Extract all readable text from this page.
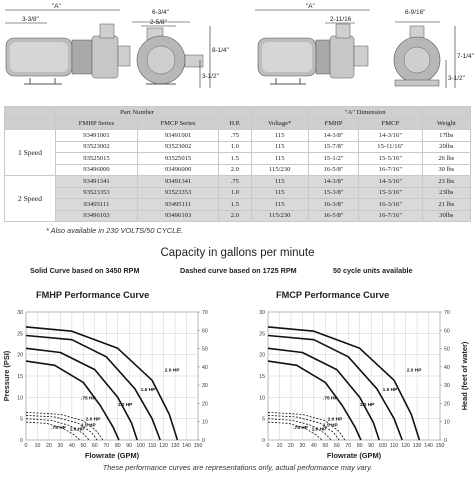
"A"
3-3/8"
6-3/4"
2-5/8"
8-1/4"
3-1/2"
"A"
2-11/16
6-9/16"
7-1/4"
3-1/2"
	Part Number				"A" Dimension		
	FMHP Series	FMCP Series	H.P.	Voltage*	FMHP	FMCP	Weight
1 Speed	93491001	93491001	.75	115	14-3/8"	14-3/16"	17lbs
	93523002	93523002	1.0	115	15-7/8"	15-11/16"	20lbs
	93525015	93525015	1.5	115	15-1/2"	15-5/16"	26 lbs
	93496000	93496000	2.0	115/230	16-5/8"	16-7/16"	30 lbs
2 Speed	93491341	93491341	.75	115	14-3/8"	14-3/16"	23 lbs
	93523353	93523353	1.0	115	15-3/8"	15-3/16"	23lbs
	93495111	93495111	1.5	115	16-3/8"	16-3/16"	21 lbs
	93496103	93496103	2.0	115/230	16-5/8"	16-7/16"	30lbs
* Also available in 230 VOLTS/50 CYCLE.
Capacity in gallons per minute
Solid Curve based on 3450 RPM	Dashed curve based on 1725 RPM	50 cycle units available
FMHP Performance Curve	FMCP Performance Curve
0 10 20 30 40 50 60 70 80 90 100 110 120 130 140 150
0
5
10
15
20
25
30
0
10
20
30
40
50
60
70
Flowrate (GPM)
Pressure (PSI)	2.0 HP
1.5 HP
1.0 HP
.75 HP
2.0 HP
1.5 HP
1.0 HP
.75 HP
0 10 20 30 40 50 60 70 80 90 100 110 120 130 140 150
0
5
10
15
20
25
30
0
10
20
30
40
50
60
70
Flowrate (GPM)
Head (feet of water)
2.0 HP
1.5 HP
1.0 HP
.75 HP
2.0 HP
1.5 HP
1.0 HP
.75 HP
These performance curves are representations only, actual performance may vary.
